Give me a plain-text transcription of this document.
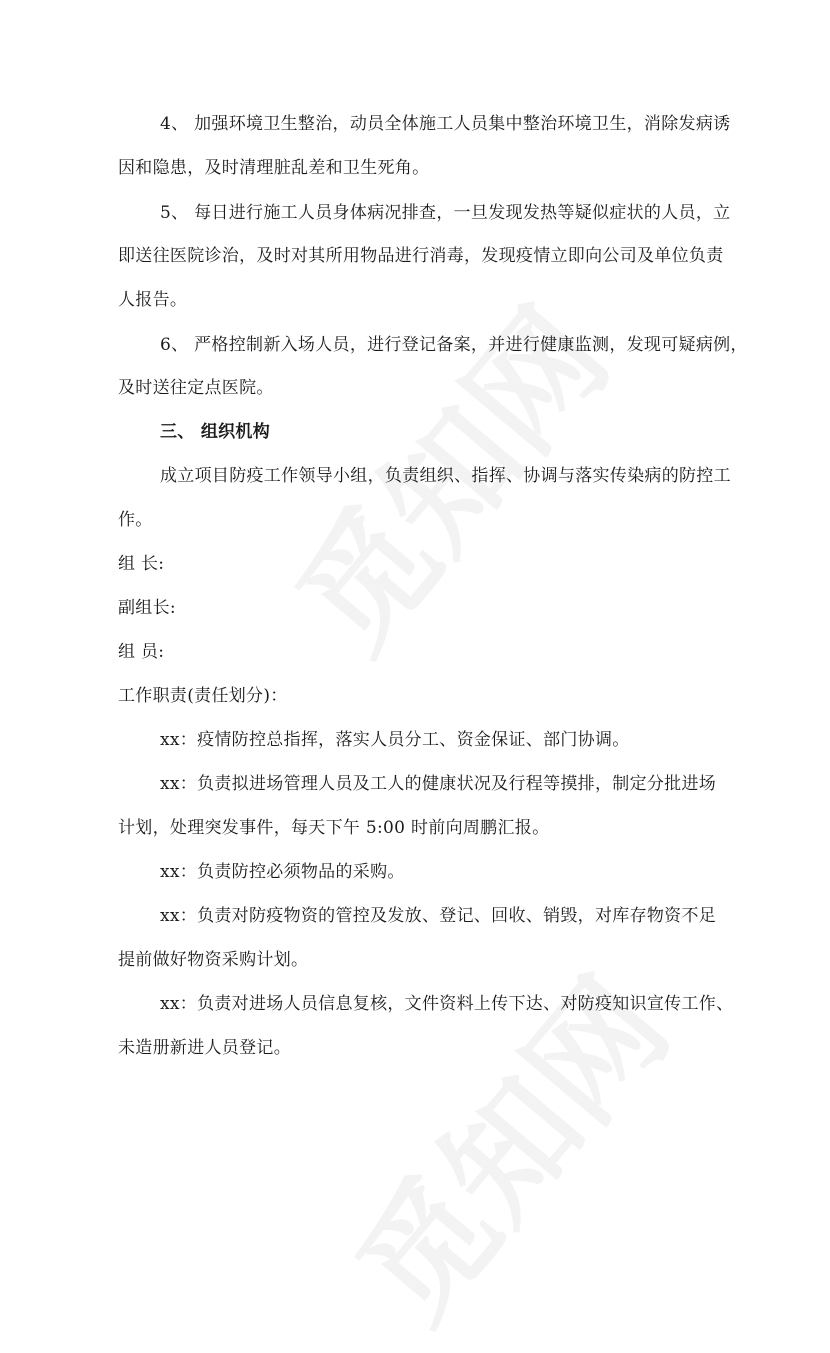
4、 加强环境卫生整治，动员全体施工人员集中整治环境卫生，消除发病诱
因和隐患，及时清理脏乱差和卫生死角。
5、 每日进行施工人员身体病况排查，一旦发现发热等疑似症状的人员，立
即送往医院诊治，及时对其所用物品进行消毒，发现疫情立即向公司及单位负责
人报告。
6、 严格控制新入场人员，进行登记备案，并进行健康监测，发现可疑病例，
及时送往定点医院。
三、 组织机构
成立项目防疫工作领导小组，负责组织、指挥、协调与落实传染病的防控工
作。
组 长:
副组长:
组 员:
工作职责(责任划分)：
xx：疫情防控总指挥，落实人员分工、资金保证、部门协调。
xx：负责拟进场管理人员及工人的健康状况及行程等摸排，制定分批进场
计划，处理突发事件，每天下午 5:00 时前向周鹏汇报。
xx：负责防控必须物品的采购。
xx：负责对防疫物资的管控及发放、登记、回收、销毁，对库存物资不足
提前做好物资采购计划。
xx：负责对进场人员信息复核，文件资料上传下达、对防疫知识宣传工作、
未造册新进人员登记。
